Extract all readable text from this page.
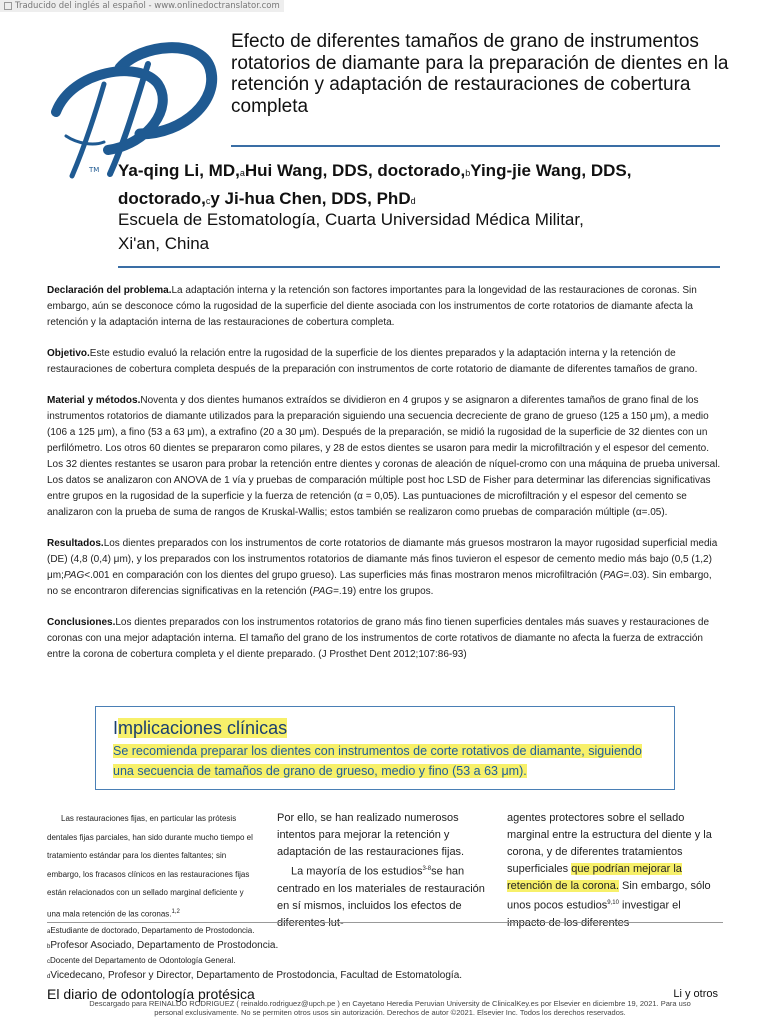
Traducido del inglés al español - www.onlinedoctranslator.com
TM
Efecto de diferentes tamaños de grano de instrumentos rotatorios de diamante para la preparación de dientes en la retención y adaptación de restauraciones de cobertura completa
Ya-qing Li, MD,aHui Wang, DDS, doctorado,bYing-jie Wang, DDS, doctorado,cy Ji-hua Chen, DDS, PhDd
Escuela de Estomatología, Cuarta Universidad Médica Militar,
Xi'an, China

Declaración del problema.La adaptación interna y la retención son factores importantes para la longevidad de las restauraciones de coronas. Sin embargo, aún se desconoce cómo la rugosidad de la superficie del diente asociada con los instrumentos de corte rotatorios de diamante afecta la retención y la adaptación interna de las restauraciones de cobertura completa.

Objetivo.Este estudio evaluó la relación entre la rugosidad de la superficie de los dientes preparados y la adaptación interna y la retención de restauraciones de cobertura completa después de la preparación con instrumentos de corte rotatorio de diamante de diferentes tamaños de grano.

Material y métodos.Noventa y dos dientes humanos extraídos se dividieron en 4 grupos y se asignaron a diferentes tamaños de grano final de los instrumentos rotatorios de diamante utilizados para la preparación siguiendo una secuencia decreciente de grano de grueso (125 a 150 μm), a medio (106 a 125 μm), a fino (53 a 63 μm), a extrafino (20 a 30 μm). Después de la preparación, se midió la rugosidad de la superficie de 32 dientes con un perfilómetro. Los otros 60 dientes se prepararon como pilares, y 28 de estos dientes se usaron para medir la microfiltración y el espesor del cemento. Los 32 dientes restantes se usaron para probar la retención entre dientes y coronas de aleación de níquel-cromo con una máquina de prueba universal. Los datos se analizaron con ANOVA de 1 vía y pruebas de comparación múltiple post hoc LSD de Fisher para determinar las diferencias significativas entre grupos en la rugosidad de la superficie y la fuerza de retención (α = 0,05). Las puntuaciones de microfiltración y el espesor del cemento se analizaron con la prueba de suma de rangos de Kruskal-Wallis; estos también se realizaron como pruebas de comparación múltiple (α=.05).

Resultados.Los dientes preparados con los instrumentos de corte rotatorios de diamante más gruesos mostraron la mayor rugosidad superficial media (DE) (4,8 (0,4) μm), y los preparados con los instrumentos rotatorios de diamante más finos tuvieron el espesor de cemento medio más bajo (0,5 (1,2) μm;PAG<.001 en comparación con los dientes del grupo grueso). Las superficies más finas mostraron menos microfiltración (PAG=.03). Sin embargo, no se encontraron diferencias significativas en la retención (PAG=.19) entre los grupos.

Conclusiones.Los dientes preparados con los instrumentos rotatorios de grano más fino tienen superficies dentales más suaves y restauraciones de coronas con una mejor adaptación interna. El tamaño del grano de los instrumentos de corte rotativos de diamante no afecta la fuerza de extracción entre la corona de cobertura completa y el diente preparado. (J Prosthet Dent 2012;107:86-93)

Implicaciones clínicas

Se recomienda preparar los dientes con instrumentos de corte rotativos de diamante, siguiendo una secuencia de tamaños de grano de grueso, medio y fino (53 a 63 μm).

Las restauraciones fijas, en particular las prótesis dentales fijas parciales, han sido durante mucho tiempo el tratamiento estándar para los dientes faltantes; sin embargo, los fracasos clínicos en las restauraciones fijas están relacionados con un sellado marginal deficiente y una mala retención de las coronas.$^{1,2}$

Por ello, se han realizado numerosos intentos para mejorar la retención y adaptación de las restauraciones fijas.

La mayoría de los estudios$^{3-8}$se han centrado en los materiales de restauración en sí mismos, incluidos los efectos de

agentes protectores sobre el sellado marginal entre la estructura del diente y la corona, y de diferentes tratamientos superficiales que podrían mejorar la retención de la corona. Sin embargo, sólo unos pocos estudios$^{9,10}$ investigar el

aEstudiante de doctorado, Departamento de Prostodoncia.

bProfesor Asociado, Departamento de Prostodoncia.

cDocente del Departamento de Odontología General.

dVicedecano, Profesor y Director, Departamento de Prostodoncia, Facultad de Estomatología.

El diario de odontología protésica	Li y otros
Descargado para REINALDO RODRIGUEZ ( reinaldo.rodriguez@upch.pe ) en Cayetano Heredia Peruvian University de ClinicalKey.es por Elsevier en diciembre 19, 2021. Para uso personal exclusivamente. No se permiten otros usos sin autorización. Derechos de autor ©2021. Elsevier Inc. Todos los derechos reservados.
